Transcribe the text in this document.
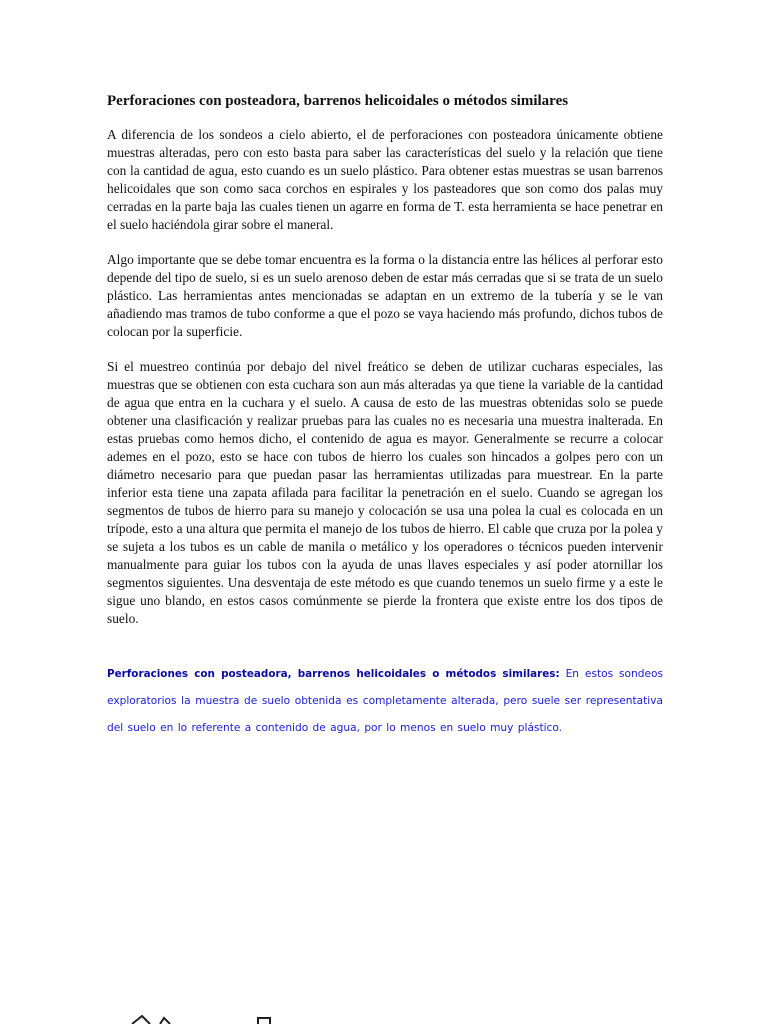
Perforaciones con posteadora, barrenos helicoidales o métodos similares

A diferencia de los sondeos a cielo abierto, el de perforaciones con posteadora únicamente obtiene muestras alteradas, pero con esto basta para saber las características del suelo y la relación que tiene con la cantidad de agua, esto cuando es un suelo plástico. Para obtener estas muestras se usan barrenos helicoidales que son como saca corchos en espirales y los pasteadores que son como dos palas muy cerradas en la parte baja las cuales tienen un agarre en forma de T. esta herramienta se hace penetrar en el suelo haciéndola girar sobre el maneral.

Algo importante que se debe tomar encuentra es la forma o la distancia entre las hélices al perforar esto depende del tipo de suelo, si es un suelo arenoso deben de estar más cerradas que si se trata de un suelo plástico. Las herramientas antes mencionadas se adaptan en un extremo de la tubería y se le van añadiendo mas tramos de tubo conforme a que el pozo se vaya haciendo más profundo, dichos tubos de colocan por la superficie.

Si el muestreo continúa por debajo del nivel freático se deben de utilizar cucharas especiales, las muestras que se obtienen con esta cuchara son aun más alteradas ya que tiene la variable de la cantidad de agua que entra en la cuchara y el suelo. A causa de esto de las muestras obtenidas solo se puede obtener una clasificación y realizar pruebas para las cuales no es necesaria una muestra inalterada. En estas pruebas como hemos dicho, el contenido de agua es mayor. Generalmente se recurre a colocar ademes en el pozo, esto se hace con tubos de hierro los cuales son hincados a golpes pero con un diámetro necesario para que puedan pasar las herramientas utilizadas para muestrear. En la parte inferior esta tiene una zapata afilada para facilitar la penetración en el suelo. Cuando se agregan los segmentos de tubos de hierro para su manejo y colocación se usa una polea la cual es colocada en un trípode, esto a una altura que permita el manejo de los tubos de hierro. El cable que cruza por la polea y se sujeta a los tubos es un cable de manila o metálico y los operadores o técnicos pueden intervenir manualmente para guiar los tubos con la ayuda de unas llaves especiales y así poder atornillar los segmentos siguientes. Una desventaja de este método es que cuando tenemos un suelo firme y a este le sigue uno blando, en estos casos comúnmente se pierde la frontera que existe entre los dos tipos de suelo.

Perforaciones con posteadora, barrenos helicoidales o métodos similares: En estos sondeos exploratorios la muestra de suelo obtenida es completamente alterada, pero suele ser representativa del suelo en lo referente a contenido de agua, por lo menos en suelo muy plástico.
